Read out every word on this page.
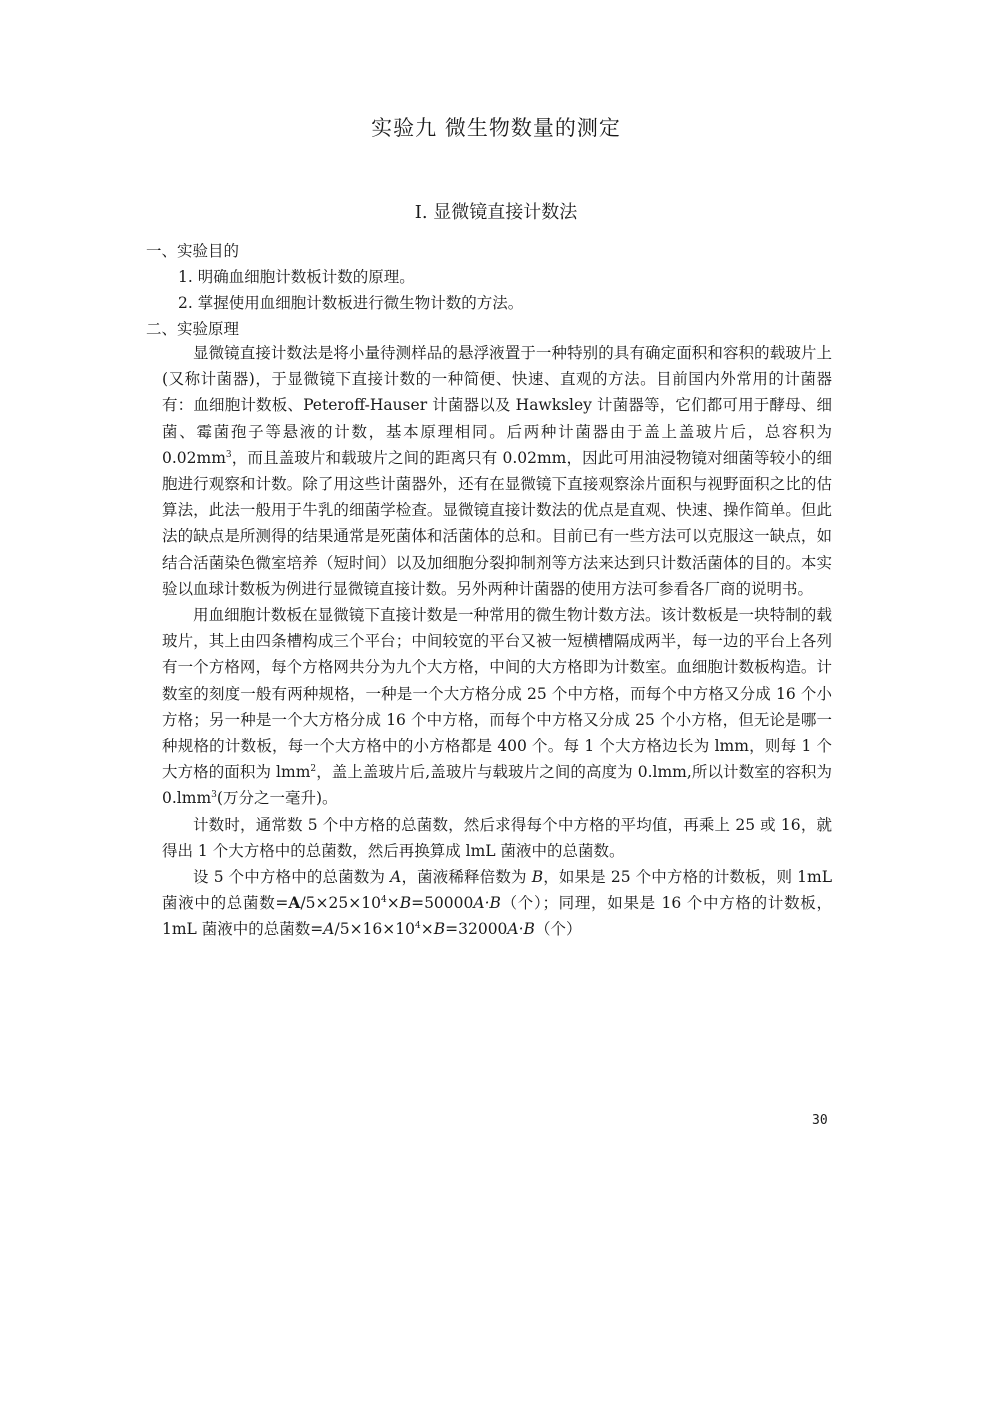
实验九 微生物数量的测定
Ⅰ. 显微镜直接计数法
一、实验目的
1. 明确血细胞计数板计数的原理。
2. 掌握使用血细胞计数板进行微生物计数的方法。
二、实验原理

显微镜直接计数法是将小量待测样品的悬浮液置于一种特别的具有确定面积和容积的载玻片上(又称计菌器)，于显微镜下直接计数的一种简便、快速、直观的方法。目前国内外常用的计菌器有：血细胞计数板、Peteroff-Hauser 计菌器以及 Hawksley 计菌器等，它们都可用于酵母、细菌、霉菌孢子等悬液的计数，基本原理相同。后两种计菌器由于盖上盖玻片后，总容积为 $0.02mm^3$，而且盖玻片和载玻片之间的距离只有 0.02mm，因此可用油浸物镜对细菌等较小的细胞进行观察和计数。除了用这些计菌器外，还有在显微镜下直接观察涂片面积与视野面积之比的估算法，此法一般用于牛乳的细菌学检查。显微镜直接计数法的优点是直观、快速、操作简单。但此法的缺点是所测得的结果通常是死菌体和活菌体的总和。目前已有一些方法可以克服这一缺点，如结合活菌染色微室培养（短时间）以及加细胞分裂抑制剂等方法来达到只计数活菌体的目的。本实验以血球计数板为例进行显微镜直接计数。另外两种计菌器的使用方法可参看各厂商的说明书。

用血细胞计数板在显微镜下直接计数是一种常用的微生物计数方法。该计数板是一块特制的载玻片，其上由四条槽构成三个平台；中间较宽的平台又被一短横槽隔成两半，每一边的平台上各列有一个方格网，每个方格网共分为九个大方格，中间的大方格即为计数室。血细胞计数板构造。计数室的刻度一般有两种规格，一种是一个大方格分成 25 个中方格，而每个中方格又分成 16 个小方格；另一种是一个大方格分成 16 个中方格，而每个中方格又分成 25 个小方格，但无论是哪一种规格的计数板，每一个大方格中的小方格都是 400 个。每 1 个大方格边长为 lmm，则每 1 个大方格的面积为 lmm$^2$，盖上盖玻片后,盖玻片与载玻片之间的高度为 0.lmm,所以计数室的容积为 0.lmm$^3$(万分之一毫升)。

计数时，通常数 5 个中方格的总菌数，然后求得每个中方格的平均值，再乘上 25 或 16，就得出 1 个大方格中的总菌数，然后再换算成 lmL 菌液中的总菌数。

设 5 个中方格中的总菌数为 A，菌液稀释倍数为 B，如果是 25 个中方格的计数板，则 1mL 菌液中的总菌数$=A/5\times 25\times 10^4\times B=50000A\cdot B$（个）；同理，如果是 16 个中方格的计数板，1mL 菌液中的总菌数$=A/5\times 16\times 10^4\times B=32000A\cdot B$（个）

30
